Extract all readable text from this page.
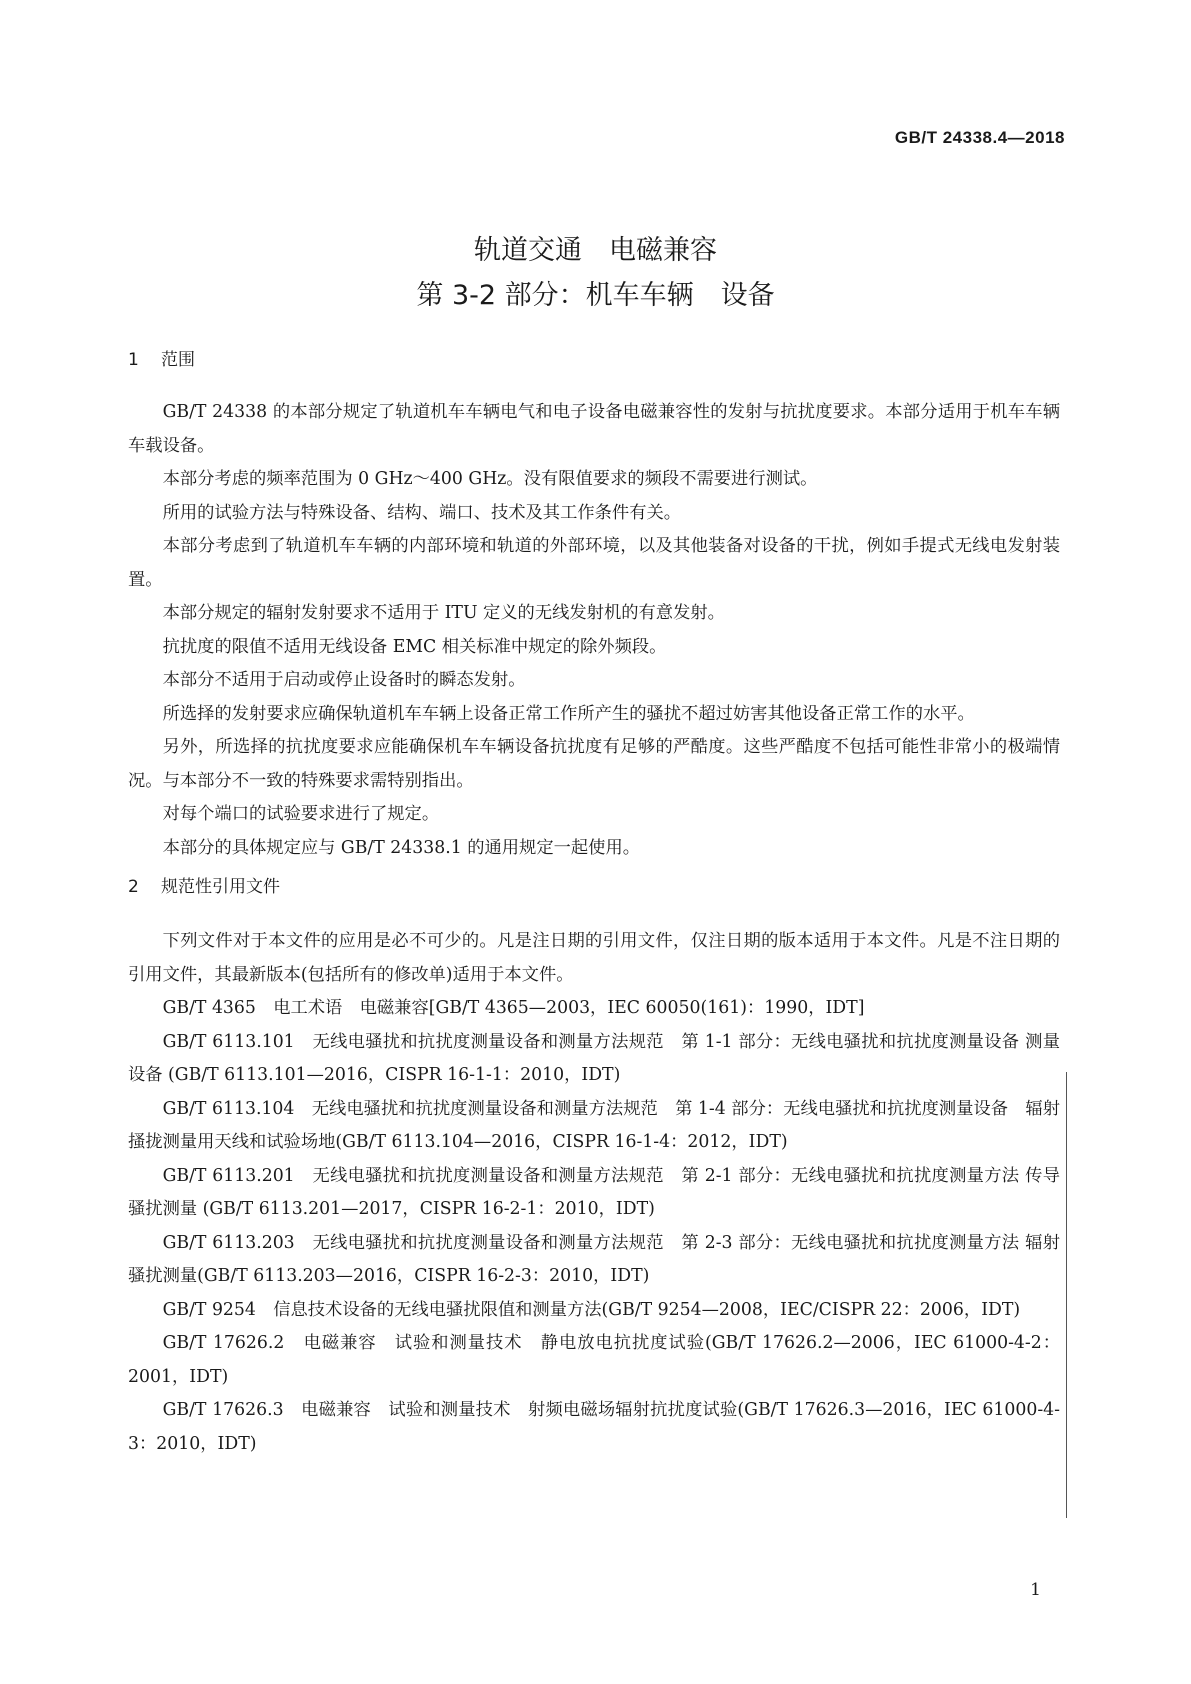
GB/T 24338.4—2018
轨道交通　电磁兼容
第 3-2 部分：机车车辆　设备
1 范围

GB/T 24338 的本部分规定了轨道机车车辆电气和电子设备电磁兼容性的发射与抗扰度要求。本部分适用于机车车辆车载设备。

本部分考虑的频率范围为 0 GHz～400 GHz。没有限值要求的频段不需要进行测试。

所用的试验方法与特殊设备、结构、端口、技术及其工作条件有关。

本部分考虑到了轨道机车车辆的内部环境和轨道的外部环境，以及其他装备对设备的干扰，例如手提式无线电发射装置。

本部分规定的辐射发射要求不适用于 ITU 定义的无线发射机的有意发射。

抗扰度的限值不适用无线设备 EMC 相关标准中规定的除外频段。

本部分不适用于启动或停止设备时的瞬态发射。

所选择的发射要求应确保轨道机车车辆上设备正常工作所产生的骚扰不超过妨害其他设备正常工作的水平。

另外，所选择的抗扰度要求应能确保机车车辆设备抗扰度有足够的严酷度。这些严酷度不包括可能性非常小的极端情况。与本部分不一致的特殊要求需特别指出。

对每个端口的试验要求进行了规定。

本部分的具体规定应与 GB/T 24338.1 的通用规定一起使用。

2 规范性引用文件

下列文件对于本文件的应用是必不可少的。凡是注日期的引用文件，仅注日期的版本适用于本文件。凡是不注日期的引用文件，其最新版本(包括所有的修改单)适用于本文件。

GB/T 4365　电工术语　电磁兼容[GB/T 4365—2003，IEC 60050(161)：1990，IDT]

GB/T 6113.101　无线电骚扰和抗扰度测量设备和测量方法规范　第 1-1 部分：无线电骚扰和抗扰度测量设备 测量设备 (GB/T 6113.101—2016，CISPR 16-1-1：2010，IDT)

GB/T 6113.104　无线电骚扰和抗扰度测量设备和测量方法规范　第 1-4 部分：无线电骚扰和抗扰度测量设备　辐射搔拢测量用天线和试验场地(GB/T 6113.104—2016，CISPR 16-1-4：2012，IDT)

GB/T 6113.201　无线电骚扰和抗扰度测量设备和测量方法规范　第 2-1 部分：无线电骚扰和抗扰度测量方法 传导骚扰测量 (GB/T 6113.201—2017，CISPR 16-2-1：2010，IDT)

GB/T 6113.203　无线电骚扰和抗扰度测量设备和测量方法规范　第 2-3 部分：无线电骚扰和抗扰度测量方法 辐射骚扰测量(GB/T 6113.203—2016，CISPR 16-2-3：2010，IDT)

GB/T 9254　信息技术设备的无线电骚扰限值和测量方法(GB/T 9254—2008，IEC/CISPR 22：2006，IDT)

GB/T 17626.2　电磁兼容　试验和测量技术　静电放电抗扰度试验(GB/T 17626.2—2006，IEC 61000-4-2：2001，IDT)

GB/T 17626.3　电磁兼容　试验和测量技术　射频电磁场辐射抗扰度试验(GB/T 17626.3—2016，IEC 61000-4-3：2010，IDT)

1
